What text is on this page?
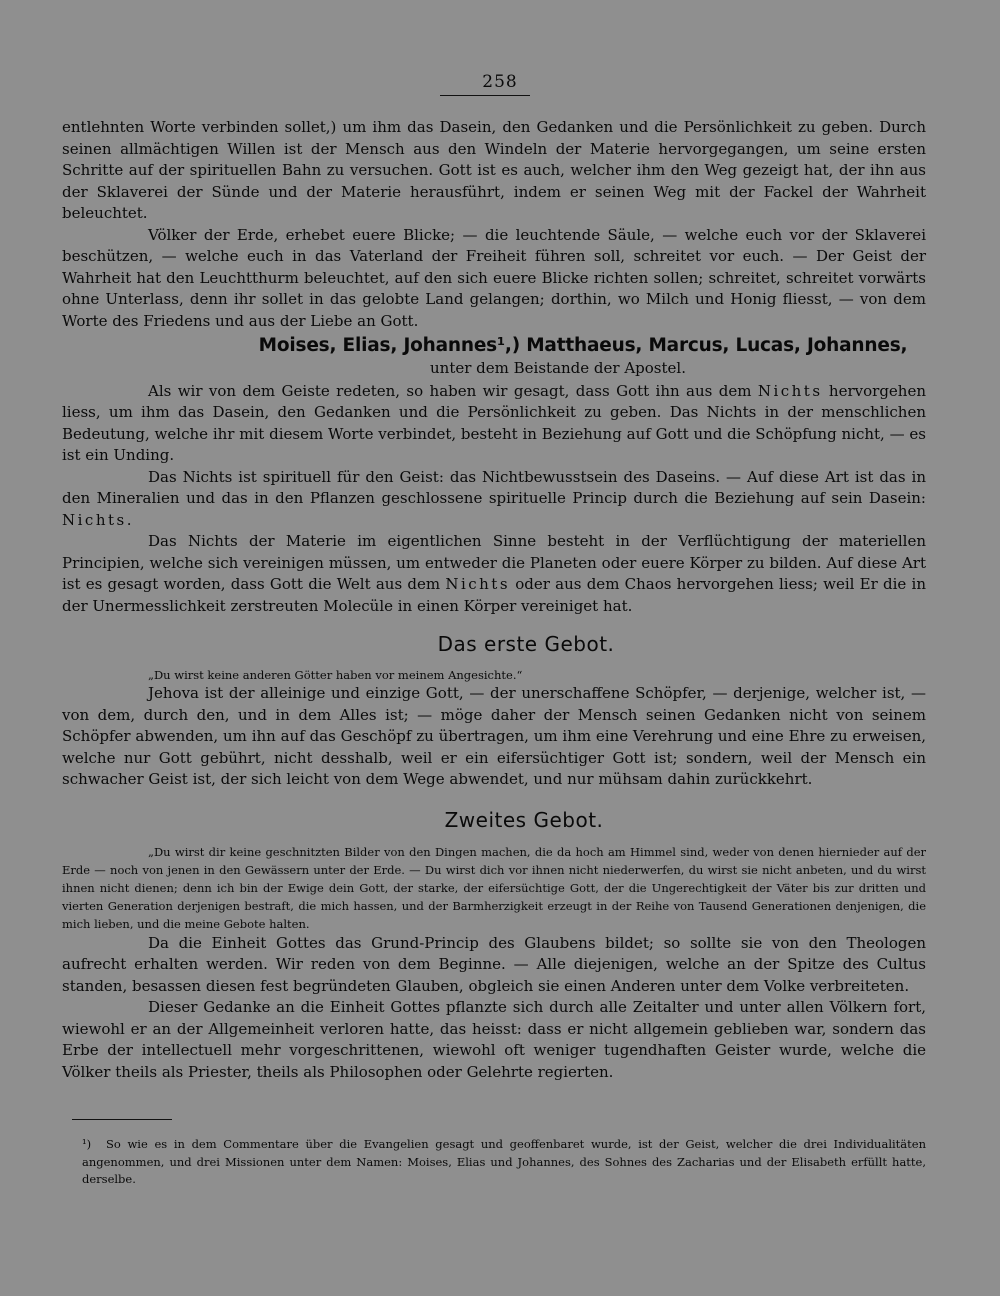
258

entlehnten Worte verbinden sollet,) um ihm das Dasein, den Gedanken und die Persönlichkeit zu geben. Durch seinen allmächtigen Willen ist der Mensch aus den Windeln der Materie hervorgegangen, um seine ersten Schritte auf der spirituellen Bahn zu versuchen. Gott ist es auch, welcher ihm den Weg gezeigt hat, der ihn aus der Sklaverei der Sünde und der Materie herausführt, indem er seinen Weg mit der Fackel der Wahrheit beleuchtet.

Völker der Erde, erhebet euere Blicke; — die leuchtende Säule, — welche euch vor der Sklaverei beschützen, — welche euch in das Vaterland der Freiheit führen soll, schreitet vor euch. — Der Geist der Wahrheit hat den Leuchtthurm beleuchtet, auf den sich euere Blicke richten sollen; schreitet, schreitet vorwärts ohne Unterlass, denn ihr sollet in das gelobte Land gelangen; dorthin, wo Milch und Honig fliesst, — von dem Worte des Friedens und aus der Liebe an Gott.

Moises, Elias, Johannes¹,) Matthaeus, Marcus, Lucas, Johannes,
unter dem Beistande der Apostel.

Als wir von dem Geiste redeten, so haben wir gesagt, dass Gott ihn aus dem Nichts hervorgehen liess, um ihm das Dasein, den Gedanken und die Persönlichkeit zu geben. Das Nichts in der menschlichen Bedeutung, welche ihr mit diesem Worte verbindet, besteht in Beziehung auf Gott und die Schöpfung nicht, — es ist ein Unding.

Das Nichts ist spirituell für den Geist: das Nichtbewusstsein des Daseins. — Auf diese Art ist das in den Mineralien und das in den Pflanzen geschlossene spirituelle Princip durch die Beziehung auf sein Dasein: Nichts.

Das Nichts der Materie im eigentlichen Sinne besteht in der Verflüchtigung der materiellen Principien, welche sich vereinigen müssen, um entweder die Planeten oder euere Körper zu bilden. Auf diese Art ist es gesagt worden, dass Gott die Welt aus dem Nichts oder aus dem Chaos hervorgehen liess; weil Er die in der Unermesslichkeit zerstreuten Molecüle in einen Körper vereiniget hat.

Das erste Gebot.

„Du wirst keine anderen Götter haben vor meinem Angesichte.“

Jehova ist der alleinige und einzige Gott, — der unerschaffene Schöpfer, — derjenige, welcher ist, — von dem, durch den, und in dem Alles ist; — möge daher der Mensch seinen Gedanken nicht von seinem Schöpfer abwenden, um ihn auf das Geschöpf zu übertragen, um ihm eine Verehrung und eine Ehre zu erweisen, welche nur Gott gebührt, nicht desshalb, weil er ein eifersüchtiger Gott ist; sondern, weil der Mensch ein schwacher Geist ist, der sich leicht von dem Wege abwendet, und nur mühsam dahin zurückkehrt.

Zweites Gebot.

„Du wirst dir keine geschnitzten Bilder von den Dingen machen, die da hoch am Himmel sind, weder von denen hiernieder auf der Erde — noch von jenen in den Gewässern unter der Erde. — Du wirst dich vor ihnen nicht niederwerfen, du wirst sie nicht anbeten, und du wirst ihnen nicht dienen; denn ich bin der Ewige dein Gott, der starke, der eifersüchtige Gott, der die Ungerechtigkeit der Väter bis zur dritten und vierten Generation derjenigen bestraft, die mich hassen, und der Barmherzigkeit erzeugt in der Reihe von Tausend Generationen denjenigen, die mich lieben, und die meine Gebote halten.

Da die Einheit Gottes das Grund-Princip des Glaubens bildet; so sollte sie von den Theologen aufrecht erhalten werden. Wir reden von dem Beginne. — Alle diejenigen, welche an der Spitze des Cultus standen, besassen diesen fest begründeten Glauben, obgleich sie einen Anderen unter dem Volke verbreiteten.

Dieser Gedanke an die Einheit Gottes pflanzte sich durch alle Zeitalter und unter allen Völkern fort, wiewohl er an der Allgemeinheit verloren hatte, das heisst: dass er nicht allgemein geblieben war, sondern das Erbe der intellectuell mehr vorgeschrittenen, wiewohl oft weniger tugendhaften Geister wurde, welche die Völker theils als Priester, theils als Philosophen oder Gelehrte regierten.

¹) So wie es in dem Commentare über die Evangelien gesagt und geoffenbaret wurde, ist der Geist, welcher die drei Individualitäten angenommen, und drei Missionen unter dem Namen: Moises, Elias und Johannes, des Sohnes des Zacharias und der Elisabeth erfüllt hatte, derselbe.
